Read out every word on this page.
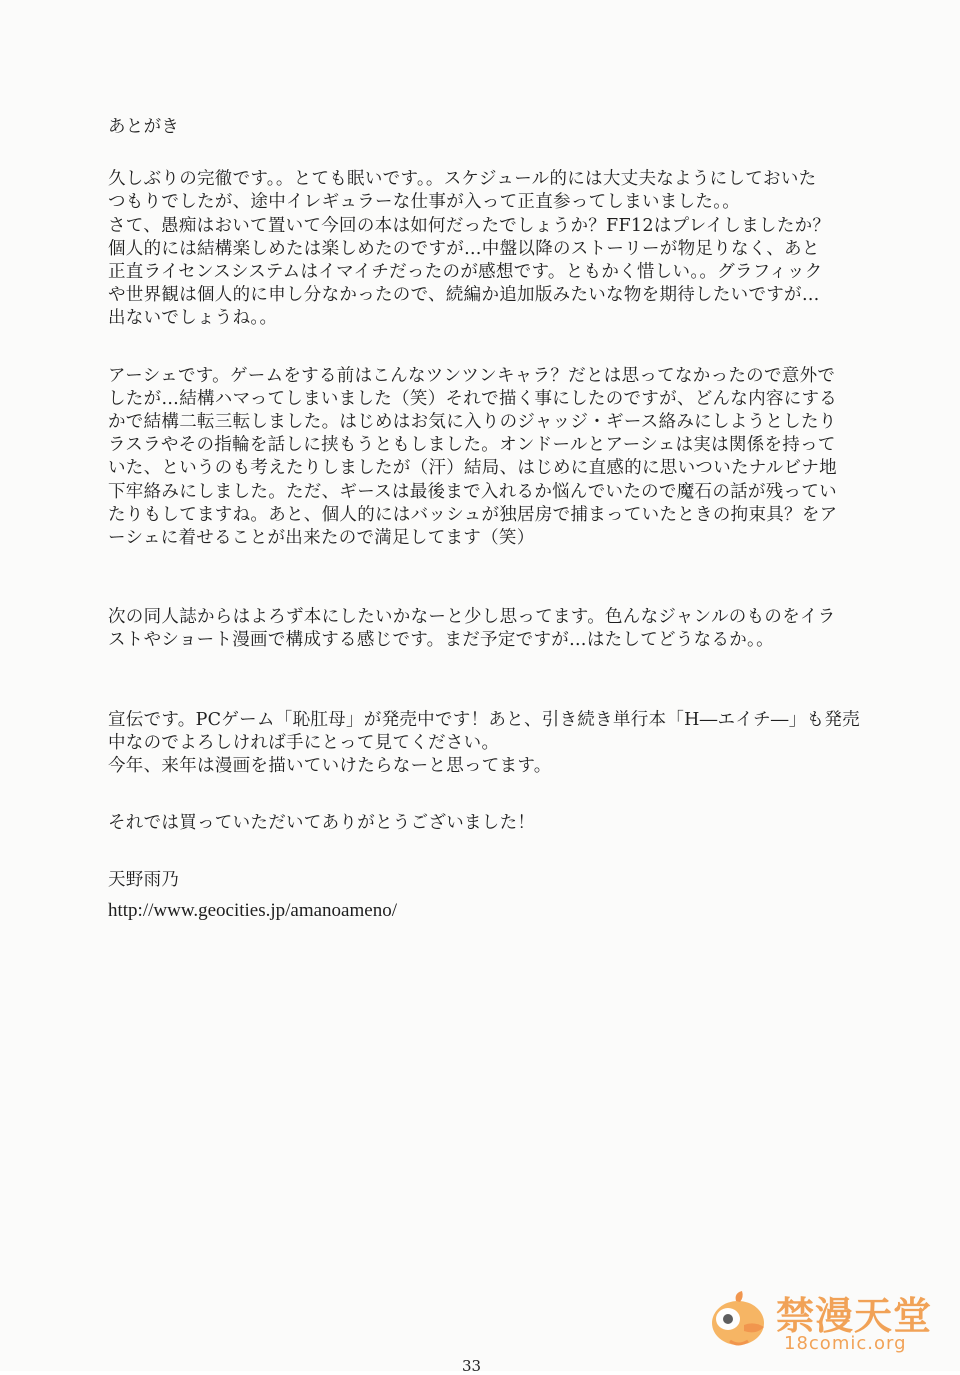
あとがき
久しぶりの完徹です。。とても眠いです。。スケジュール的には大丈夫なようにしておいた
つもりでしたが、途中イレギュラーな仕事が入って正直参ってしまいました。。
さて、愚痴はおいて置いて今回の本は如何だったでしょうか？FF12はプレイしましたか？
個人的には結構楽しめたは楽しめたのですが…中盤以降のストーリーが物足りなく、あと
正直ライセンスシステムはイマイチだったのが感想です。ともかく惜しい。。グラフィック
や世界観は個人的に申し分なかったので、続編か追加版みたいな物を期待したいですが…
出ないでしょうね。。
アーシェです。ゲームをする前はこんなツンツンキャラ？だとは思ってなかったので意外で
したが…結構ハマってしまいました（笑）それで描く事にしたのですが、どんな内容にする
かで結構二転三転しました。はじめはお気に入りのジャッジ・ギース絡みにしようとしたり
ラスラやその指輪を話しに挟もうともしました。オンドールとアーシェは実は関係を持って
いた、というのも考えたりしましたが（汗）結局、はじめに直感的に思いついたナルビナ地
下牢絡みにしました。ただ、ギースは最後まで入れるか悩んでいたので魔石の話が残ってい
たりもしてますね。あと、個人的にはバッシュが独居房で捕まっていたときの拘束具？をア
ーシェに着せることが出来たので満足してます（笑）
次の同人誌からはよろず本にしたいかなーと少し思ってます。色んなジャンルのものをイラ
ストやショート漫画で構成する感じです。まだ予定ですが…はたしてどうなるか。。
宣伝です。PCゲーム「恥肛母」が発売中です！あと、引き続き単行本「H―エイチ―」も発売
中なのでよろしければ手にとって見てください。
今年、来年は漫画を描いていけたらなーと思ってます。
それでは買っていただいてありがとうございました！
天野雨乃
http://www.geocities.jp/amanoameno/
33
禁漫天堂
18comic.org
